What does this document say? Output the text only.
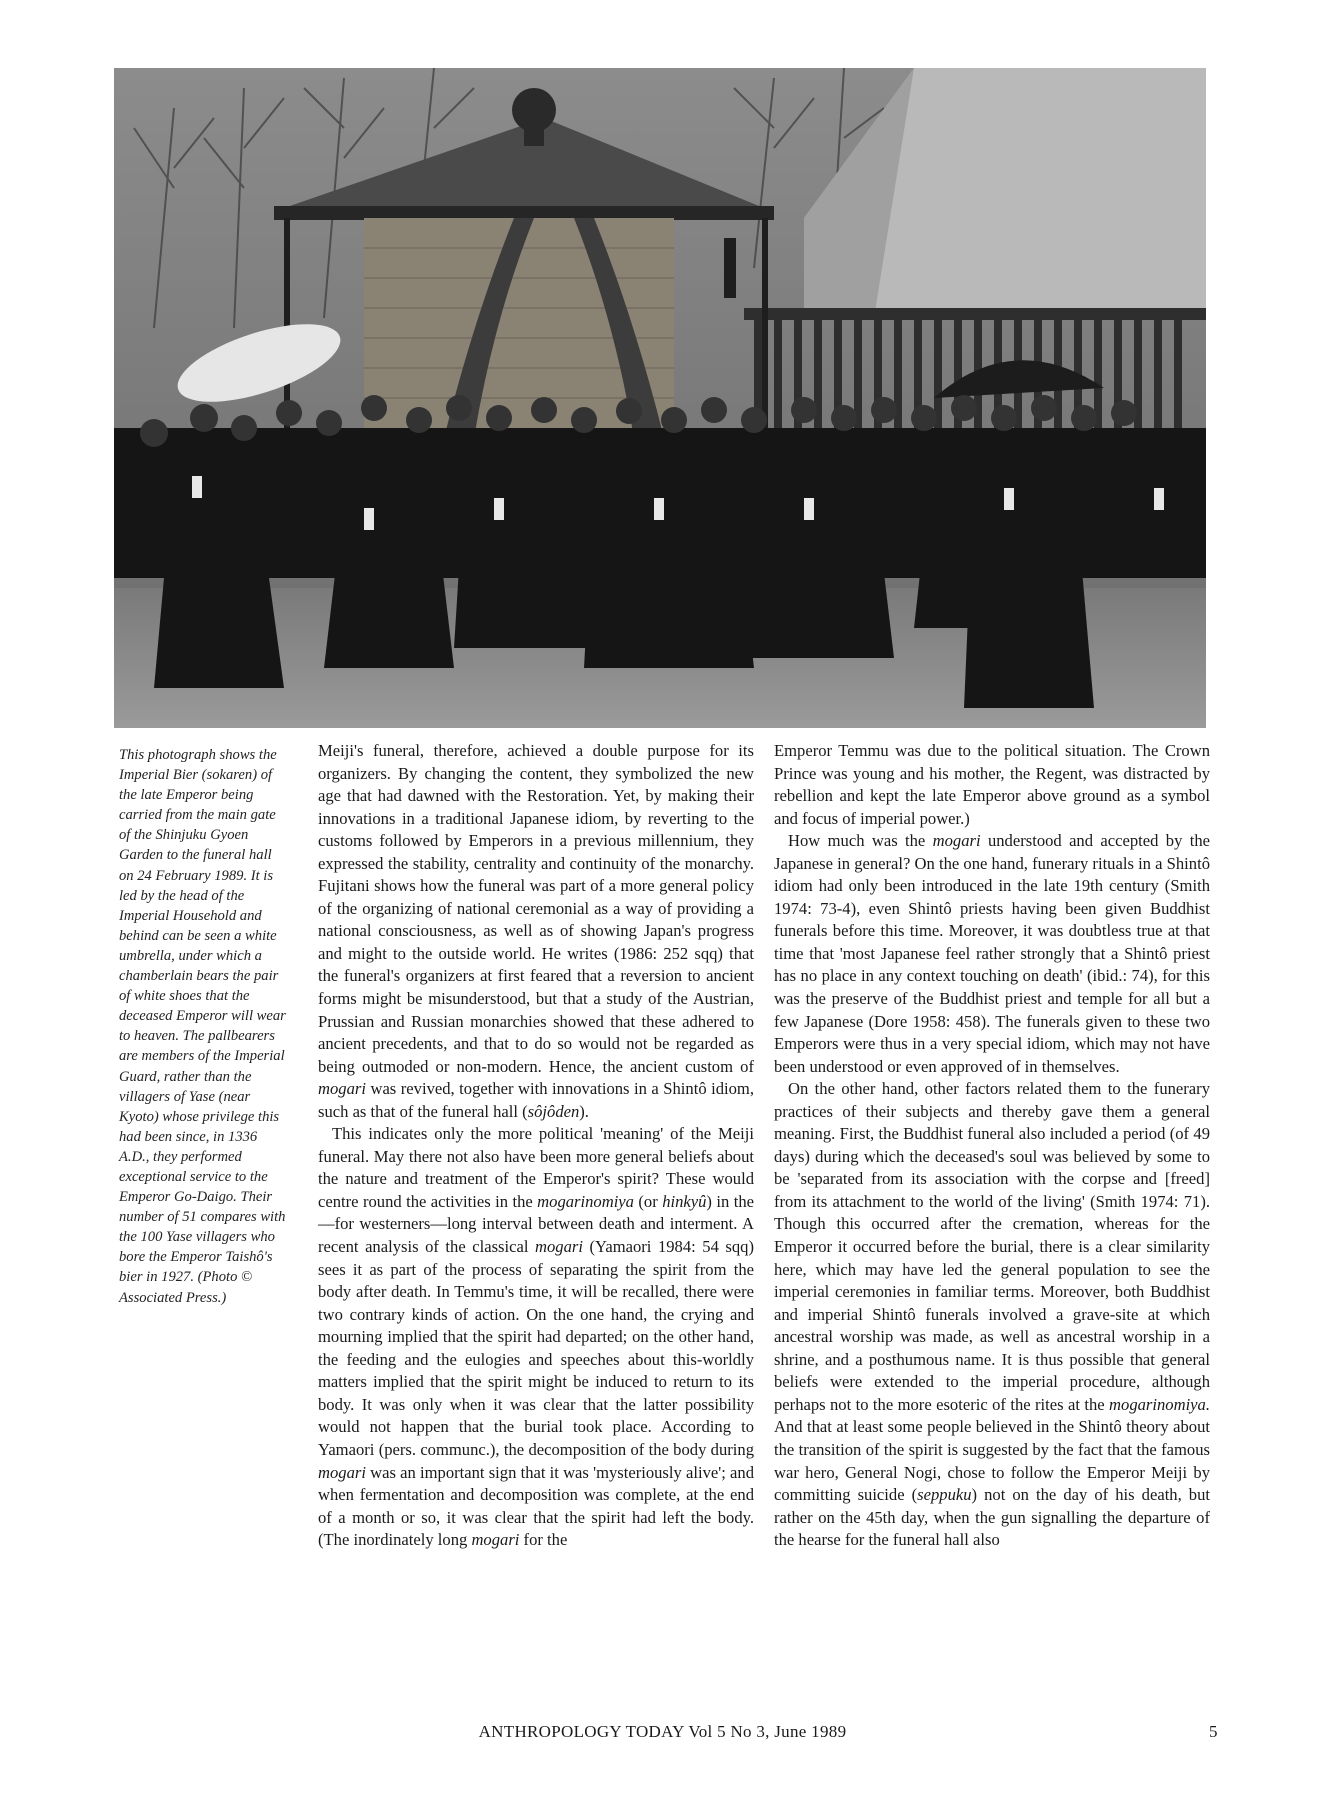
This photograph shows the Imperial Bier (sokaren) of the late Emperor being carried from the main gate of the Shinjuku Gyoen Garden to the funeral hall on 24 February 1989. It is led by the head of the Imperial Household and behind can be seen a white umbrella, under which a chamberlain bears the pair of white shoes that the deceased Emperor will wear to heaven. The pallbearers are members of the Imperial Guard, rather than the villagers of Yase (near Kyoto) whose privilege this had been since, in 1336 A.D., they performed exceptional service to the Emperor Go-Daigo. Their number of 51 compares with the 100 Yase villagers who bore the Emperor Taishô's bier in 1927. (Photo © Associated Press.)

Meiji's funeral, therefore, achieved a double purpose for its organizers. By changing the content, they symbolized the new age that had dawned with the Restoration. Yet, by making their innovations in a traditional Japanese idiom, by reverting to the customs followed by Emperors in a previous millennium, they expressed the stability, centrality and continuity of the monarchy. Fujitani shows how the funeral was part of a more general policy of the organizing of national ceremonial as a way of providing a national consciousness, as well as of showing Japan's progress and might to the outside world. He writes (1986: 252 sqq) that the funeral's organizers at first feared that a reversion to ancient forms might be misunderstood, but that a study of the Austrian, Prussian and Russian monarchies showed that these adhered to ancient precedents, and that to do so would not be regarded as being outmoded or non-modern. Hence, the ancient custom of mogari was revived, together with innovations in a Shintô idiom, such as that of the funeral hall (sôjôden).

This indicates only the more political 'meaning' of the Meiji funeral. May there not also have been more general beliefs about the nature and treatment of the Emperor's spirit? These would centre round the activities in the mogarinomiya (or hinkyû) in the—for westerners—long interval between death and interment. A recent analysis of the classical mogari (Yamaori 1984: 54 sqq) sees it as part of the process of separating the spirit from the body after death. In Temmu's time, it will be recalled, there were two contrary kinds of action. On the one hand, the crying and mourning implied that the spirit had departed; on the other hand, the feeding and the eulogies and speeches about this-worldly matters implied that the spirit might be induced to return to its body. It was only when it was clear that the latter possibility would not happen that the burial took place. According to Yamaori (pers. communc.), the decomposition of the body during mogari was an important sign that it was 'mysteriously alive'; and when fermentation and decomposition was complete, at the end of a month or so, it was clear that the spirit had left the body. (The inordinately long mogari for the

Emperor Temmu was due to the political situation. The Crown Prince was young and his mother, the Regent, was distracted by rebellion and kept the late Emperor above ground as a symbol and focus of imperial power.)

How much was the mogari understood and accepted by the Japanese in general? On the one hand, funerary rituals in a Shintô idiom had only been introduced in the late 19th century (Smith 1974: 73-4), even Shintô priests having been given Buddhist funerals before this time. Moreover, it was doubtless true at that time that 'most Japanese feel rather strongly that a Shintô priest has no place in any context touching on death' (ibid.: 74), for this was the preserve of the Buddhist priest and temple for all but a few Japanese (Dore 1958: 458). The funerals given to these two Emperors were thus in a very special idiom, which may not have been understood or even approved of in themselves.

On the other hand, other factors related them to the funerary practices of their subjects and thereby gave them a general meaning. First, the Buddhist funeral also included a period (of 49 days) during which the deceased's soul was believed by some to be 'separated from its association with the corpse and [freed] from its attachment to the world of the living' (Smith 1974: 71). Though this occurred after the cremation, whereas for the Emperor it occurred before the burial, there is a clear similarity here, which may have led the general population to see the imperial ceremonies in familiar terms. Moreover, both Buddhist and imperial Shintô funerals involved a grave-site at which ancestral worship was made, as well as ancestral worship in a shrine, and a posthumous name. It is thus possible that general beliefs were extended to the imperial procedure, although perhaps not to the more esoteric of the rites at the mogarinomiya. And that at least some people believed in the Shintô theory about the transition of the spirit is suggested by the fact that the famous war hero, General Nogi, chose to follow the Emperor Meiji by committing suicide (seppuku) not on the day of his death, but rather on the 45th day, when the gun signalling the departure of the hearse for the funeral hall also

ANTHROPOLOGY TODAY Vol 5 No 3, June 1989	5
